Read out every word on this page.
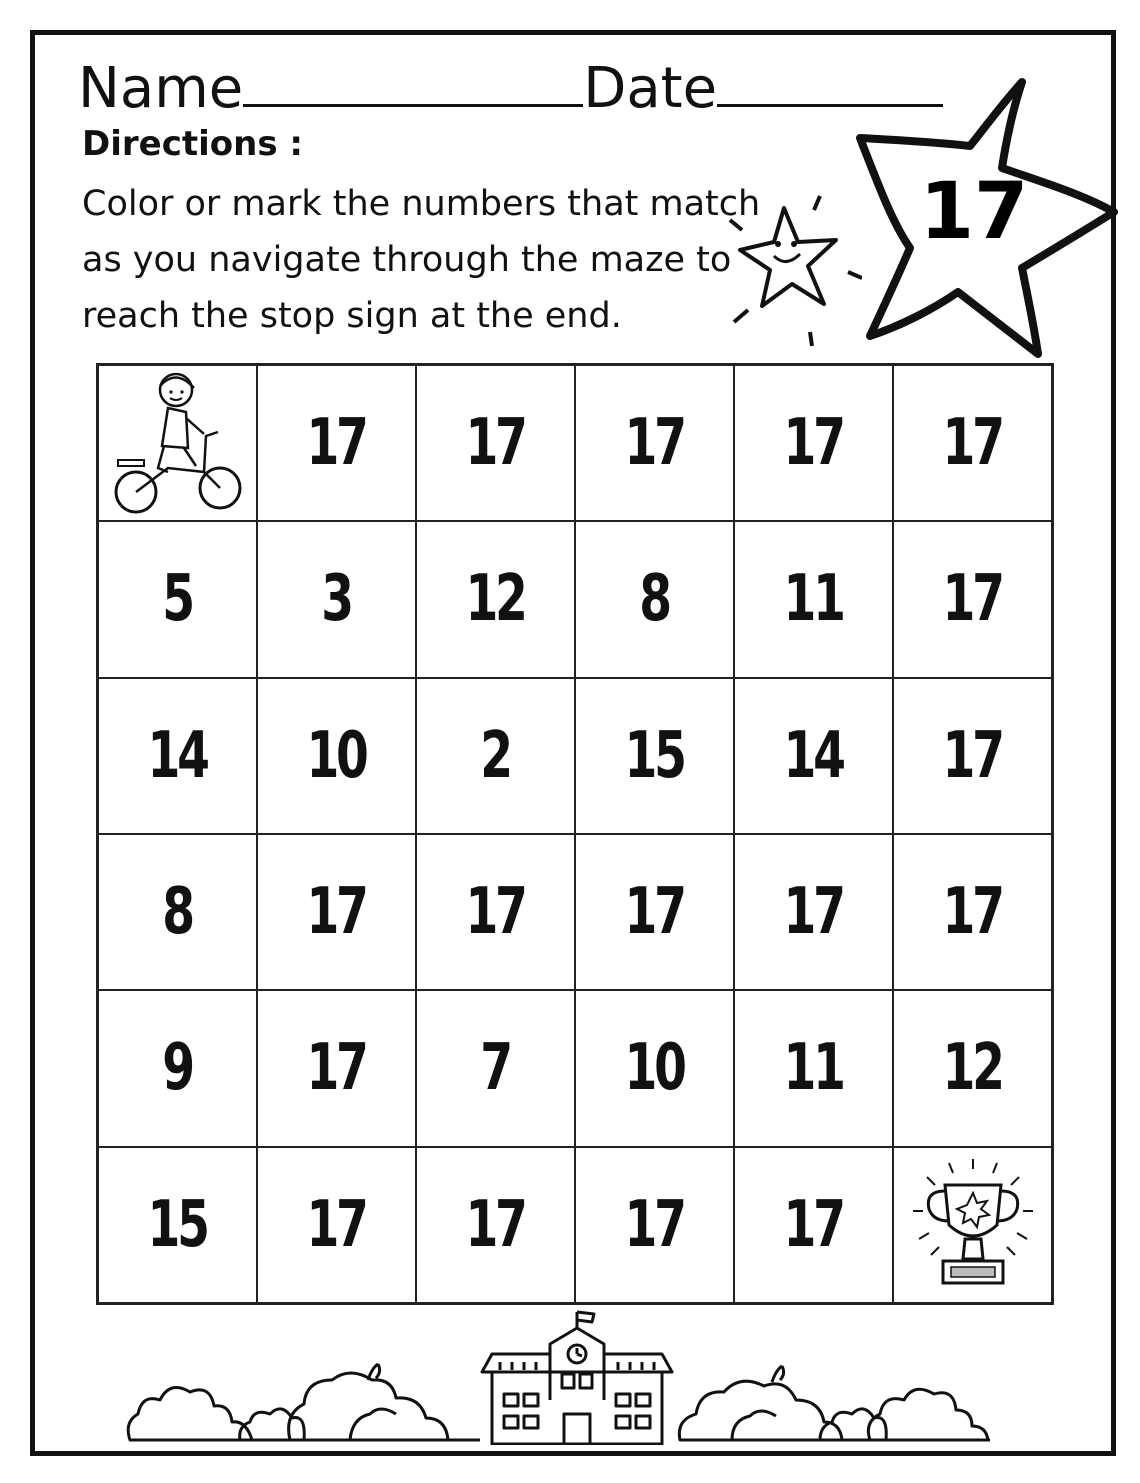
Name	Date
Directions :
Color or mark the numbers that match
as you navigate through the maze to
reach the stop sign at the end.
17
17 17 17 17 17
5 3 12 8 11 17
14 10 2 15 14 17
8 17 17 17 17 17
9 17 7 10 11 12
15 17 17 17 17
